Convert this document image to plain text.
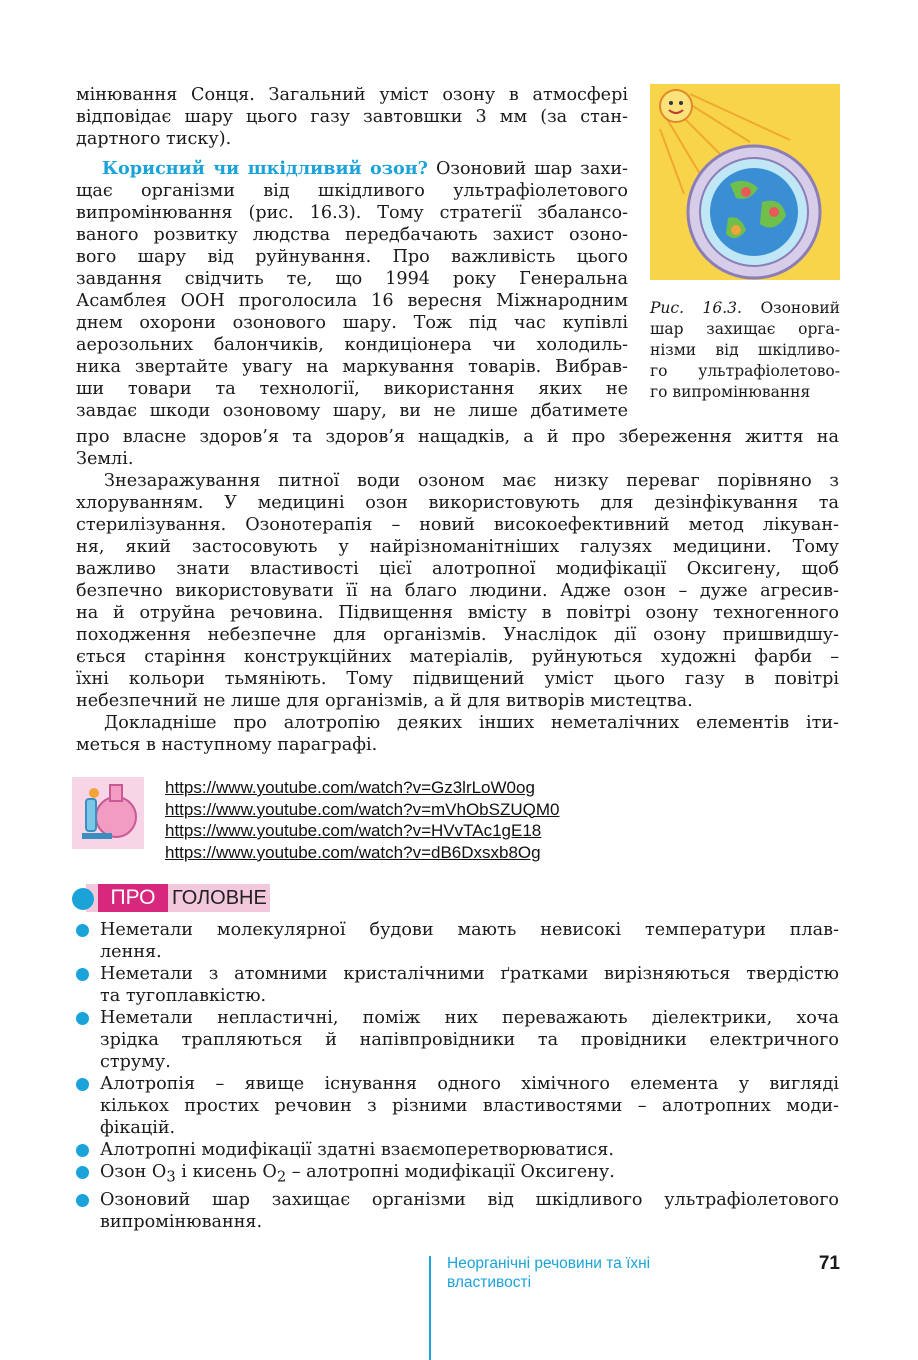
мінювання Сонця. Загальний уміст озону в атмосфері
відповідає шару цього газу завтовшки 3 мм (за стан-
дартного тиску).
Корисний чи шкідливий озон? Озоновий шар захи-
щає організми від шкідливого ультрафіолетового
випромінювання (рис. 16.3). Тому стратегії збалансо-
ваного розвитку людства передбачають захист озоно-
вого шару від руйнування. Про важливість цього
завдання свідчить те, що 1994 року Генеральна
Асамблея ООН проголосила 16 вересня Міжнародним
днем охорони озонового шару. Тож під час купівлі
аерозольних балончиків, кондиціонера чи холодиль-
ника звертайте увагу на маркування товарів. Вибрав-
ши товари та технології, використання яких не
завдає шкоди озоновому шару, ви не лише дбатимете
про власне здоров’я та здоров’я нащадків, а й про збереження життя на
Землі.
Знезаражування питної води озоном має низку переваг порівняно з
хлоруванням. У медицині озон використовують для дезінфікування та
стерилізування. Озонотерапія – новий високоефективний метод лікуван-
ня, який застосовують у найрізноманітніших галузях медицини. Тому
важливо знати властивості цієї алотропної модифікації Оксигену, щоб
безпечно використовувати її на благо людини. Адже озон – дуже агресив-
на й отруйна речовина. Підвищення вмісту в повітрі озону техногенного
походження небезпечне для організмів. Унаслідок дії озону пришвидшу-
ється старіння конструкційних матеріалів, руйнуються художні фарби –
їхні кольори тьмяніють. Тому підвищений уміст цього газу в повітрі
небезпечний не лише для організмів, а й для витворів мистецтва.
Докладніше про алотропію деяких інших неметалічних елементів іти-
меться в наступному параграфі.
Рис. 16.3. Озоновий
шар захищає орга-
нізми від шкідливо-
го ультрафіолетово-
го випромінювання
https://www.youtube.com/watch?v=Gz3lrLoW0og
https://www.youtube.com/watch?v=mVhObSZUQM0
https://www.youtube.com/watch?v=HVvTAc1gE18
https://www.youtube.com/watch?v=dB6Dxsxb8Og
ПРО ГОЛОВНЕ
Неметали молекулярної будови мають невисокі температури плав-
лення.
Неметали з атомними кристалічними ґратками вирізняються твердістю
та тугоплавкістю.
Неметали непластичні, поміж них переважають діелектрики, хоча
зрідка трапляються й напівпровідники та провідники електричного
струму.
Алотропія – явище існування одного хімічного елемента у вигляді
кількох простих речовин з різними властивостями – алотропних моди-
фікацій.
Алотропні модифікації здатні взаємоперетворюватися.
Озон $O_3$ і кисень $O_2$ – алотропні модифікації Оксигену.
Озоновий шар захищає організми від шкідливого ультрафіолетового
випромінювання.
Неорганічні речовини та їхні
властивості
71
